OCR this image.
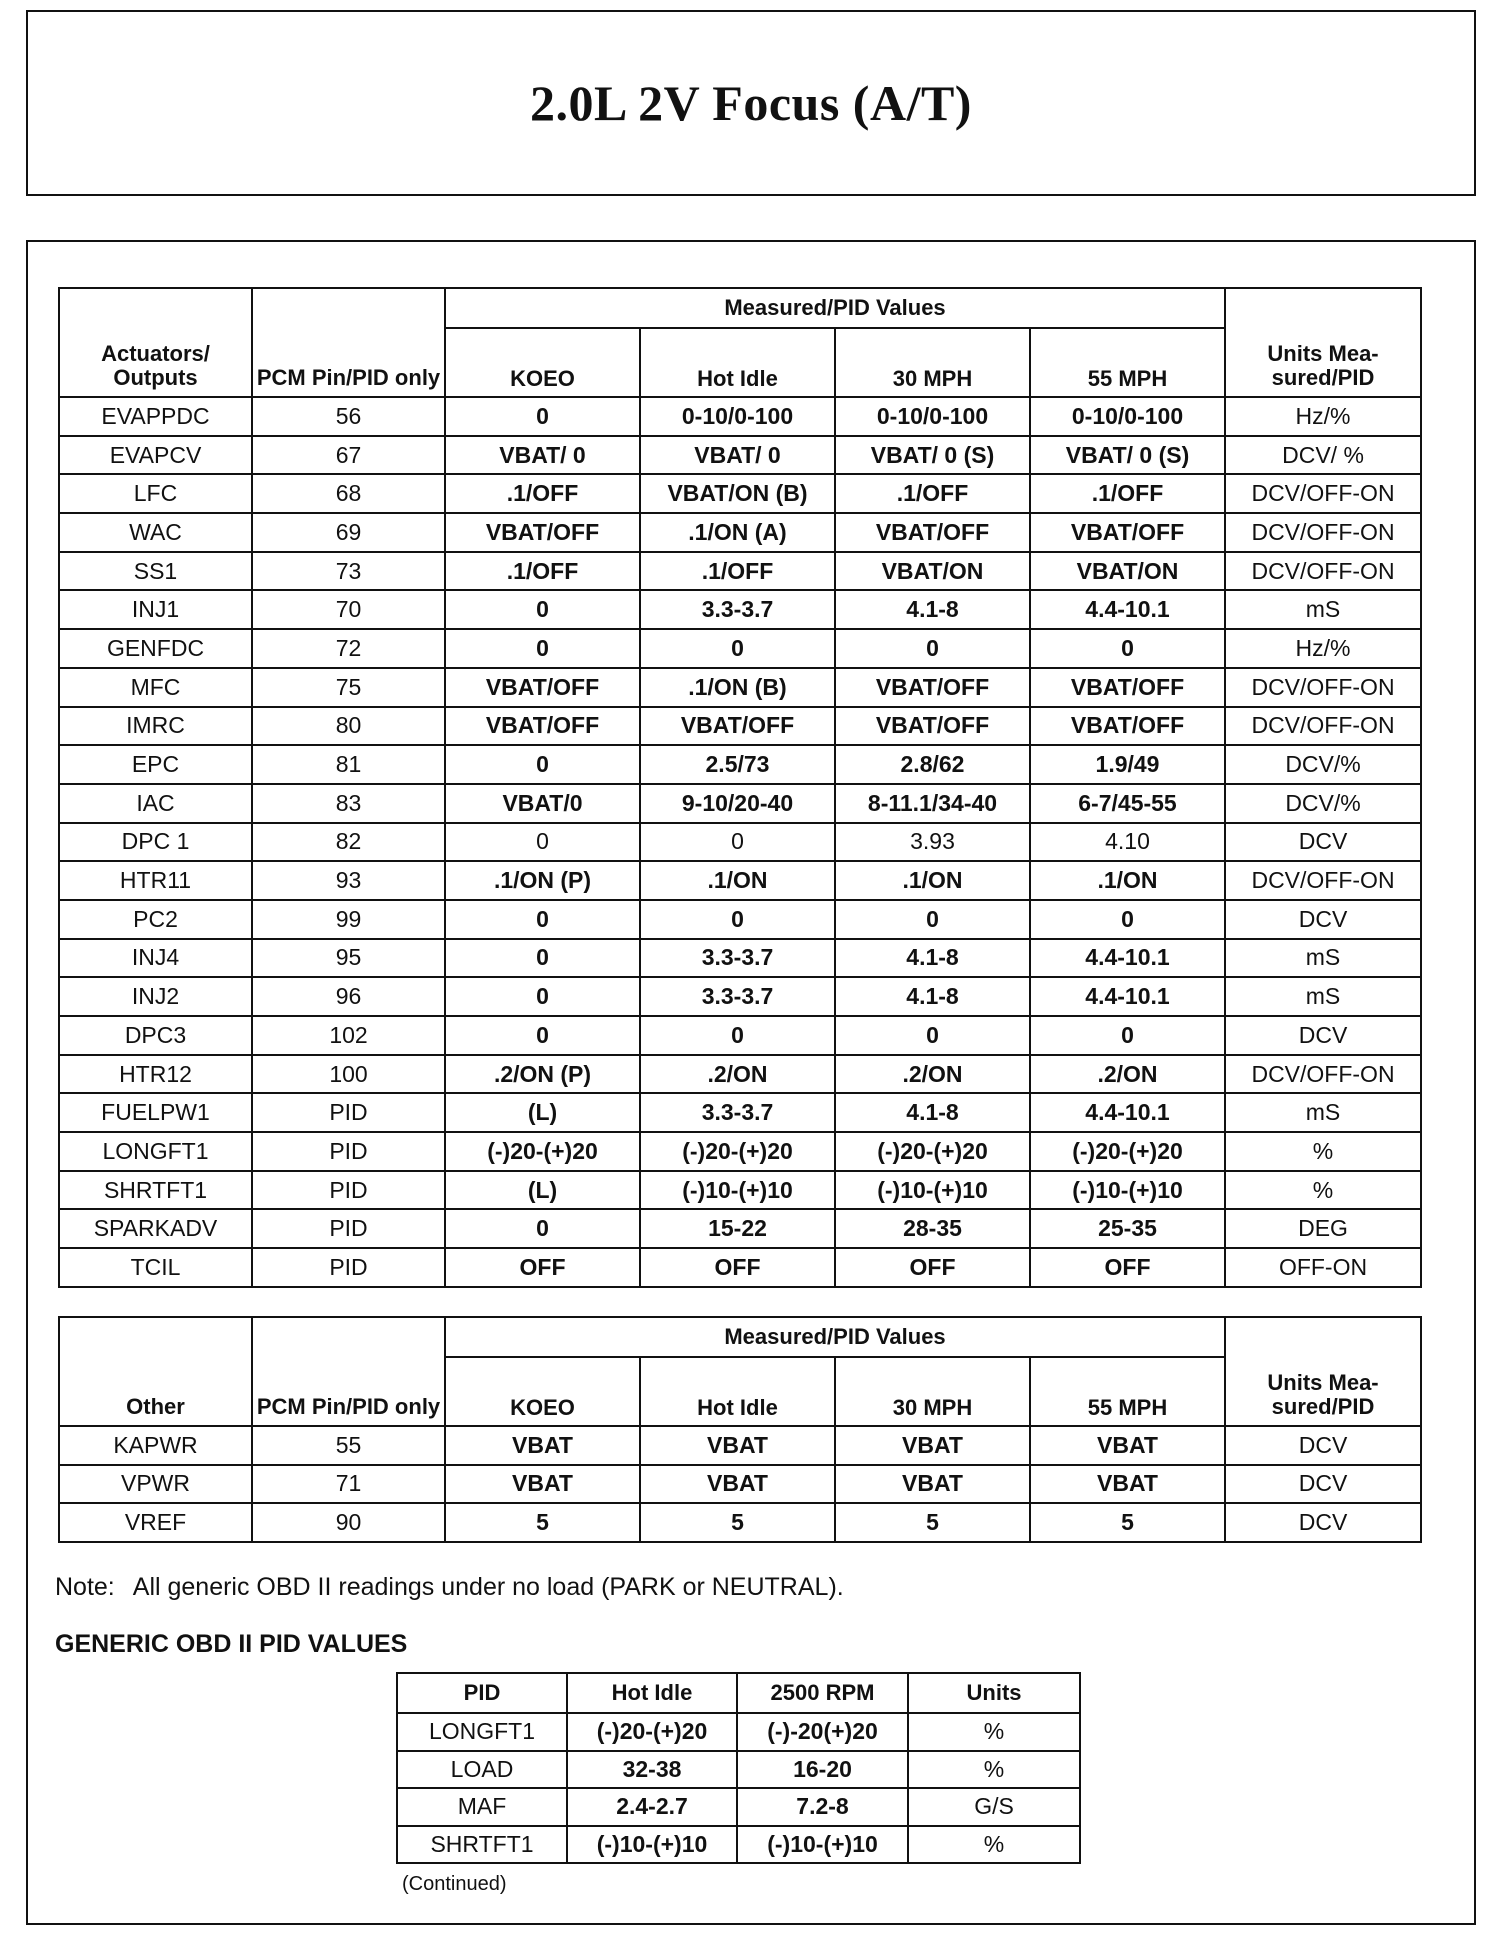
2.0L 2V Focus (A/T)
Actuators/ Outputs	PCM Pin/PID only	Measured/PID Values				Units Mea- sured/PID
		KOEO	Hot Idle	30 MPH	55 MPH	
EVAPPDC	56	0	0-10/0-100	0-10/0-100	0-10/0-100	Hz/%
EVAPCV	67	VBAT/ 0	VBAT/ 0	VBAT/ 0 (S)	VBAT/ 0 (S)	DCV/ %
LFC	68	.1/OFF	VBAT/ON (B)	.1/OFF	.1/OFF	DCV/OFF-ON
WAC	69	VBAT/OFF	.1/ON (A)	VBAT/OFF	VBAT/OFF	DCV/OFF-ON
SS1	73	.1/OFF	.1/OFF	VBAT/ON	VBAT/ON	DCV/OFF-ON
INJ1	70	0	3.3-3.7	4.1-8	4.4-10.1	mS
GENFDC	72	0	0	0	0	Hz/%
MFC	75	VBAT/OFF	.1/ON (B)	VBAT/OFF	VBAT/OFF	DCV/OFF-ON
IMRC	80	VBAT/OFF	VBAT/OFF	VBAT/OFF	VBAT/OFF	DCV/OFF-ON
EPC	81	0	2.5/73	2.8/62	1.9/49	DCV/%
IAC	83	VBAT/0	9-10/20-40	8-11.1/34-40	6-7/45-55	DCV/%
DPC 1	82	0	0	3.93	4.10	DCV
HTR11	93	.1/ON (P)	.1/ON	.1/ON	.1/ON	DCV/OFF-ON
PC2	99	0	0	0	0	DCV
INJ4	95	0	3.3-3.7	4.1-8	4.4-10.1	mS
INJ2	96	0	3.3-3.7	4.1-8	4.4-10.1	mS
DPC3	102	0	0	0	0	DCV
HTR12	100	.2/ON (P)	.2/ON	.2/ON	.2/ON	DCV/OFF-ON
FUELPW1	PID	(L)	3.3-3.7	4.1-8	4.4-10.1	mS
LONGFT1	PID	(-)20-(+)20	(-)20-(+)20	(-)20-(+)20	(-)20-(+)20	%
SHRTFT1	PID	(L)	(-)10-(+)10	(-)10-(+)10	(-)10-(+)10	%
SPARKADV	PID	0	15-22	28-35	25-35	DEG
TCIL	PID	OFF	OFF	OFF	OFF	OFF-ON
Other	PCM Pin/PID only	Measured/PID Values				Units Mea- sured/PID
		KOEO	Hot Idle	30 MPH	55 MPH	
KAPWR	55	VBAT	VBAT	VBAT	VBAT	DCV
VPWR	71	VBAT	VBAT	VBAT	VBAT	DCV
VREF	90	5	5	5	5	DCV
Note: All generic OBD II readings under no load (PARK or NEUTRAL).
GENERIC OBD II PID VALUES
PID	Hot Idle	2500 RPM	Units
LONGFT1	(-)20-(+)20	(-)-20(+)20	%
LOAD	32-38	16-20	%
MAF	2.4-2.7	7.2-8	G/S
SHRTFT1	(-)10-(+)10	(-)10-(+)10	%
(Continued)
